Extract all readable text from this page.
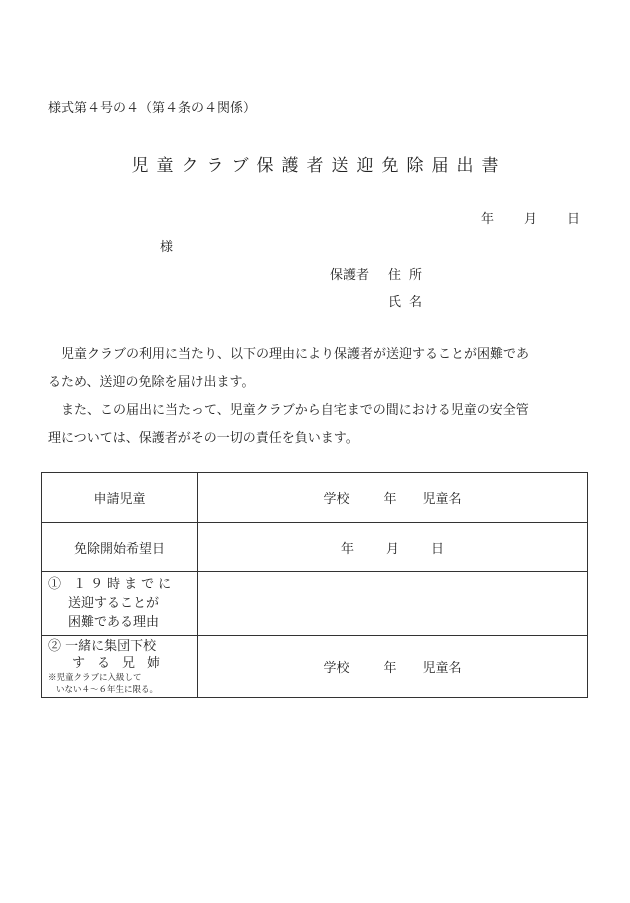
様式第４号の４（第４条の４関係）
児童クラブ保護者送迎免除届出書
年 月 日
様
保護者 住所
氏名
児童クラブの利用に当たり、以下の理由により保護者が送迎することが困難であ
るため、送迎の免除を届け出ます。
また、この届出に当たって、児童クラブから自宅までの間における児童の安全管
理については、保護者がその一切の責任を負います。
申請児童	学校 年 児童名
免除開始希望日	年 月 日
① １９時までに
送迎することが
困難である理由	

② 一緒に集団下校
する兄姉
※児童クラブに入級して
いない４～６年生に限る。	学校 年 児童名
